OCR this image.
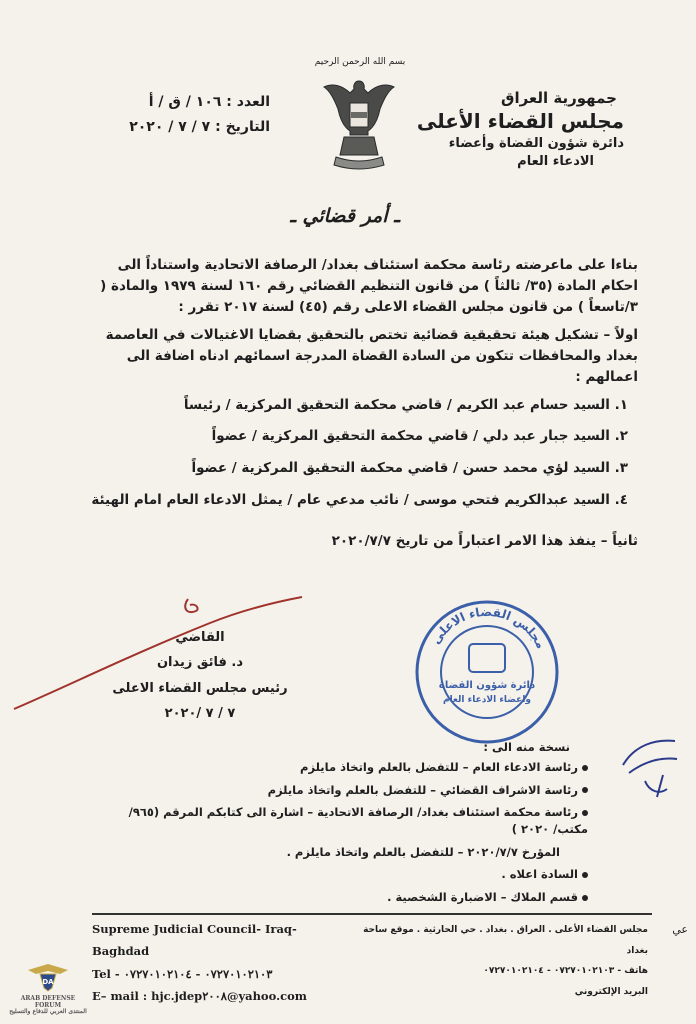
بسم الله الرحمن الرحيم
جمهورية العراق
مجلس القضاء الأعلى
دائرة شؤون القضاة وأعضاء
الادعاء العام
العدد : ١٠٦ / ق / أ
التاريخ : ٧ / ٧ / ٢٠٢٠
ـ أمر قضائي ـ
بناءا على ماعرضته رئاسة محكمة استئناف بغداد/ الرصافة الاتحادية واستناداً الى احكام المادة (٣٥/ ثالثاً ) من قانون التنظيم القضائي رقم ١٦٠ لسنة ١٩٧٩ والمادة ( ٣/تاسعاً ) من قانون مجلس القضاء الاعلى رقم (٤٥) لسنة ٢٠١٧ تقرر :
اولاً – تشكيل هيئة تحقيقية قضائية تختص بالتحقيق بقضايا الاغتيالات في العاصمة بغداد والمحافظات تتكون من السادة القضاة المدرجة اسمائهم ادناه اضافة الى اعمالهم :
١. السيد حسام عبد الكريم / قاضي محكمة التحقيق المركزية / رئيساً
٢. السيد جبار عبد دلي / قاضي محكمة التحقيق المركزية / عضواً
٣. السيد لؤي محمد حسن / قاضي محكمة التحقيق المركزية / عضواً
٤. السيد عبدالكريم فتحي موسى / نائب مدعي عام / يمثل الادعاء العام امام الهيئة
ثانياً – ينفذ هذا الامر اعتباراً من تاريخ ٢٠٢٠/٧/٧
القاضي
د. فائق زيدان
رئيس مجلس القضاء الاعلى
٧ / ٧ /٢٠٢٠
مجلس القضاء الاعلى
دائرة شؤون القضاة
واعضاء الادعاء العام
نسخة منه الى :
رئاسة الادعاء العام – للتفضل بالعلم واتخاذ مايلزم
رئاسة الاشراف القضائي – للتفضل بالعلم واتخاذ مايلزم
رئاسة محكمة استئناف بغداد/ الرصافة الاتحادية – اشارة الى كتابكم المرقم (٩٦٥/ مكتب/ ٢٠٢٠ )
المؤرخ ٢٠٢٠/٧/٧ – للتفضل بالعلم واتخاذ مايلزم .
السادة اعلاه .
قسم الملاك – الاضبارة الشخصية .
Supreme Judicial Council- Iraq- Baghdad
Tel - ٠٧٢٧٠١٠٢١٠٣ - ٠٧٢٧٠١٠٢١٠٤
E– mail : hjc.jdep٢٠٠٨@yahoo.com
مجلس القضاء الأعلى . العراق . بغداد . حي الحارثية . موقع ساحة بغداد
هاتف - ٠٧٢٧٠١٠٢١٠٣ - ٠٧٢٧٠١٠٢١٠٤
البريد الإلكتروني
عي
DA
ARAB DEFENSE FORUM
المنتدى العربي للدفاع والتسليح
